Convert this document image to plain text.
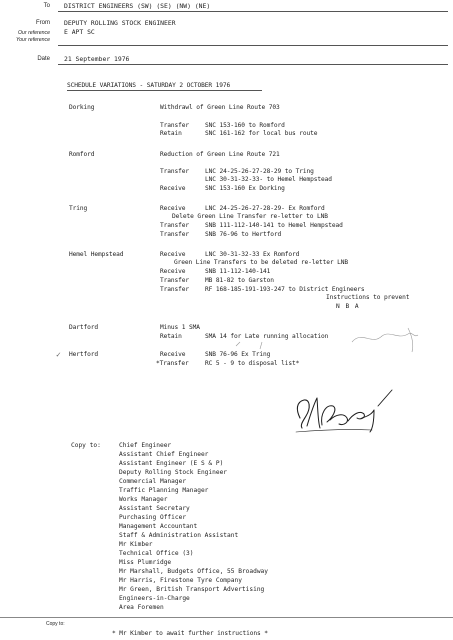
To DISTRICT ENGINEERS (SW) (SE) (NW) (NE)
From DEPUTY ROLLING STOCK ENGINEER
Our reference E APT SC
Your reference
Date 21 September 1976
SCHEDULE VARIATIONS - SATURDAY 2 OCTOBER 1976
Dorking	Withdrawl of Green Line Route 703
Transfer	SNC 153-160 to Romford
Retain	SNC 161-162 for local bus route
Romford	Reduction of Green Line Route 721
Transfer	LNC 24-25-26-27-28-29 to Tring
LNC 30-31-32-33- to Hemel Hempstead
Receive	SNC 153-160 Ex Dorking
Tring	Receive	LNC 24-25-26-27-28-29- Ex Romford
Delete Green Line Transfer re-letter to LNB
Transfer	SNB 111-112-140-141 to Hemel Hempstead
Transfer	SNB 76-96 to Hertford
Hemel Hempstead	Receive	LNC 30-31-32-33 Ex Romford
Green Line Transfers to be deleted re-letter LNB
Receive	SNB 11-112-140-141
Transfer	MB 81-82 to Garston
Transfer	RF 168-185-191-193-247 to District Engineers
Instructions to prevent
N B A
Dartford	Minus 1 SMA
Retain	SMA 14 for Late running allocation
✓ Hertford	Receive	SNB 76-96 Ex Tring
*Transfer	RC 5 - 9 to disposal list*
Copy to:	Chief Engineer
Assistant Chief Engineer
Assistant Engineer (E S & P)
Deputy Rolling Stock Engineer
Commercial Manager
Traffic Planning Manager
Works Manager
Assistant Secretary
Purchasing Officer
Management Accountant
Staff & Administration Assistant
Mr Kimber
Technical Office (3)
Miss Plumridge
Mr Marshall, Budgets Office, 55 Broadway
Mr Harris, Firestone Tyre Company
Mr Green, British Transport Advertising
Engineers-in-Charge
Area Foremen
Copy to:
* Mr Kimber to await further instructions *
